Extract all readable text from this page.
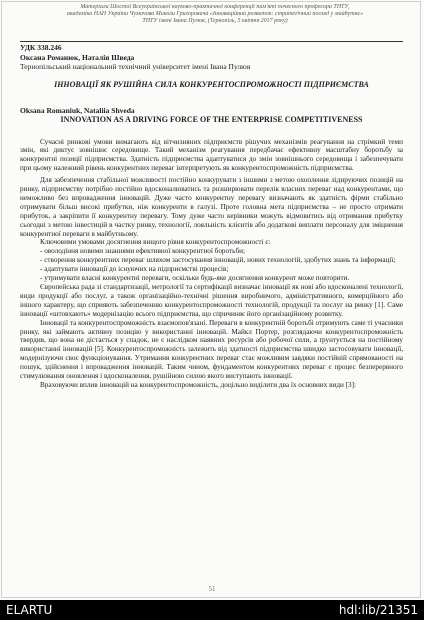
Матеріали Шостої Всеукраїнської науково-практичної конференції пам'яті почесного професора ТНТУ,
академіка НАН України Чумачова Миколи Григоровича «Інноваційний розвиток: стратегічний погляд у майбутнє»
ТНТУ імені Івана Пулюя, (Тернопіль, 5 квітня 2017 року)
УДК 338.246
Оксана Романюк, Наталія Шведа
Тернопільський національний технічний університет імені Івана Пулюя
ІННОВАЦІЇ ЯК РУШІЙНА СИЛА КОНКУРЕНТОСПРОМОЖНОСТІ ПІДПРИЄМСТВА
Oksana Romaniuk, Nataliia Shveda
INNOVATION AS A DRIVING FORCE OF THE ENTERPRISE COMPETITIVENESS

Сучасні ринкові умови вимагають від вітчизняних підприємств рішучих механізмів реагування на стрімкий темп змін, які диктує зовнішнє середовище. Такий механізм реагування передбачає ефективну масштабну боротьбу за конкурентні позиції підприємства. Здатність підприємства адаптуватися до змін зовнішнього середовища і забезпечувати при цьому належний рівень конкурентних переваг інтерпретують як конкурентоспроможність підприємства.

Для забезпечення стабільної можливості постійно конкурувати з іншими з метою охоплення лідируючих позицій на ринку, підприємству потрібно постійно вдосконалюватись та розширювати перелік власних переваг над конкурентами, що неможливо без впровадження інновацій. Дуже часто конкурентну перевагу визначають як здатність фірми стабільно отримувати більш високі прибутки, ніж конкуренти в галузі. Проте головна мета підприємства – не просто отримати прибуток, а закріпити її конкурентну перевагу. Тому дуже часто керівники можуть відмовитись від отримання прибутку сьогодні з метою інвестицій в частку ринку, технології, лояльність клієнтів або додаткові виплати персоналу для зміцнення конкурентної переваги в майбутньому.

Ключовими умовами досягнення вищого рівня конкурентоспроможності є:

- оволодіння новими знаннями ефективної конкурентної боротьби;

- створення конкурентних переваг шляхом застосування інновацій, нових технологій, здобутих знань та інформації;

- адаптувати інновації до існуючих на підприємстві процесів;

- утримувати власні конкурентні переваги, оскільки будь-яке досягнення конкурент може повторити.

Європейська рада зі стандартизації, метрології та сертифікації визначає інновації як нові або вдосконалені технології, види продукції або послуг, а також організаційно-технічні рішення виробничого, адміністративного, комерційного або іншого характеру, що сприяють забезпеченню конкурентоспроможності технологій, продукції та послуг на ринку [1]. Саме інновації «штовхають» модернізацію всього підприємства, що спричиняє його організаційному розвитку.

Інновації та конкурентоспроможність взаємопов'язані. Переваги в конкурентній боротьбі отримують саме ті учасники ринку, які займають активну позицію у використанні інновацій. Майкл Портер, розглядаючи конкурентоспроможність твердив, що вона не дістається у спадок, не є наслідком наявних ресурсів або робочої сили, а ґрунтується на постійному використанні інновацій [5]. Конкурентоспроможність залежить від здатності підприємства швидко застосовувати інновації, модернізуючи своє функціонування. Утримання конкурентних переваг стає можливим завдяки постійній спрямованості на пошук, здійснення і впровадження інновацій. Таким чином, фундаментом конкурентних переваг є процес безперервного стимулювання оновлення і вдосконалення, рушійною силою якого виступають інновації.

Враховуючи вплив інновацій на конкурентоспроможність, доцільно виділити два їх основних види [3]:

51
ELARTU	hdl:lib/21351
